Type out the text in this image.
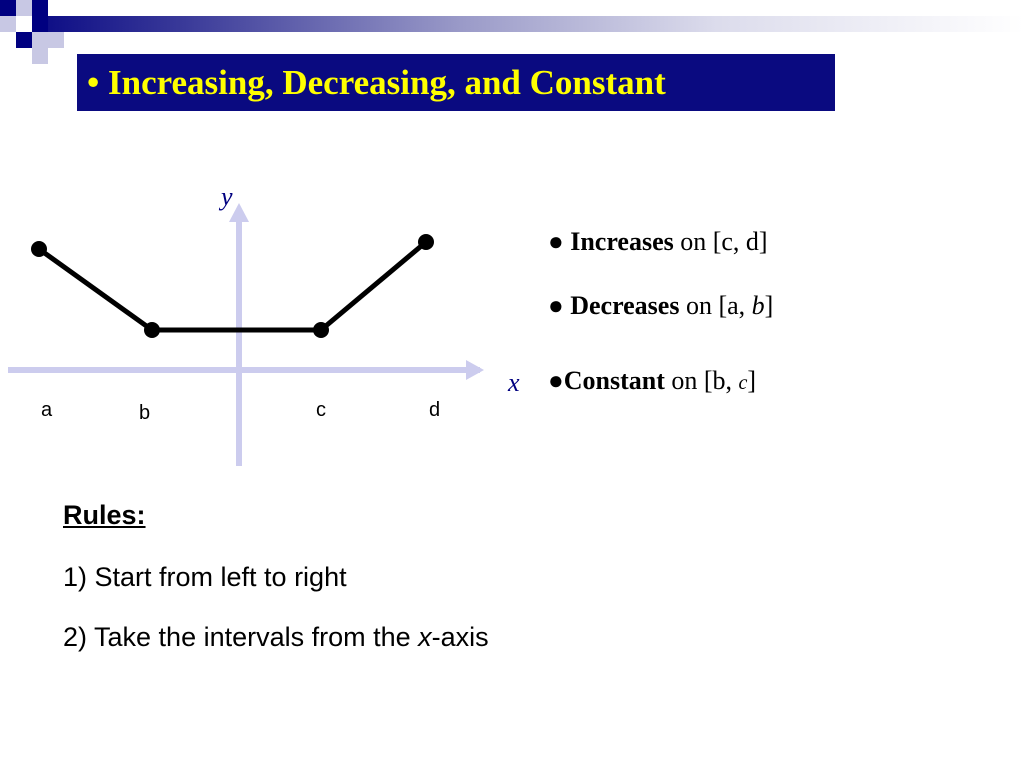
• Increasing, Decreasing, and Constant
y
x
a	b	c	d
● Increases on [c, d]
● Decreases on [a, b]
●Constant on [b, c]
Rules:
1) Start from left to right
2) Take the intervals from the x-axis
